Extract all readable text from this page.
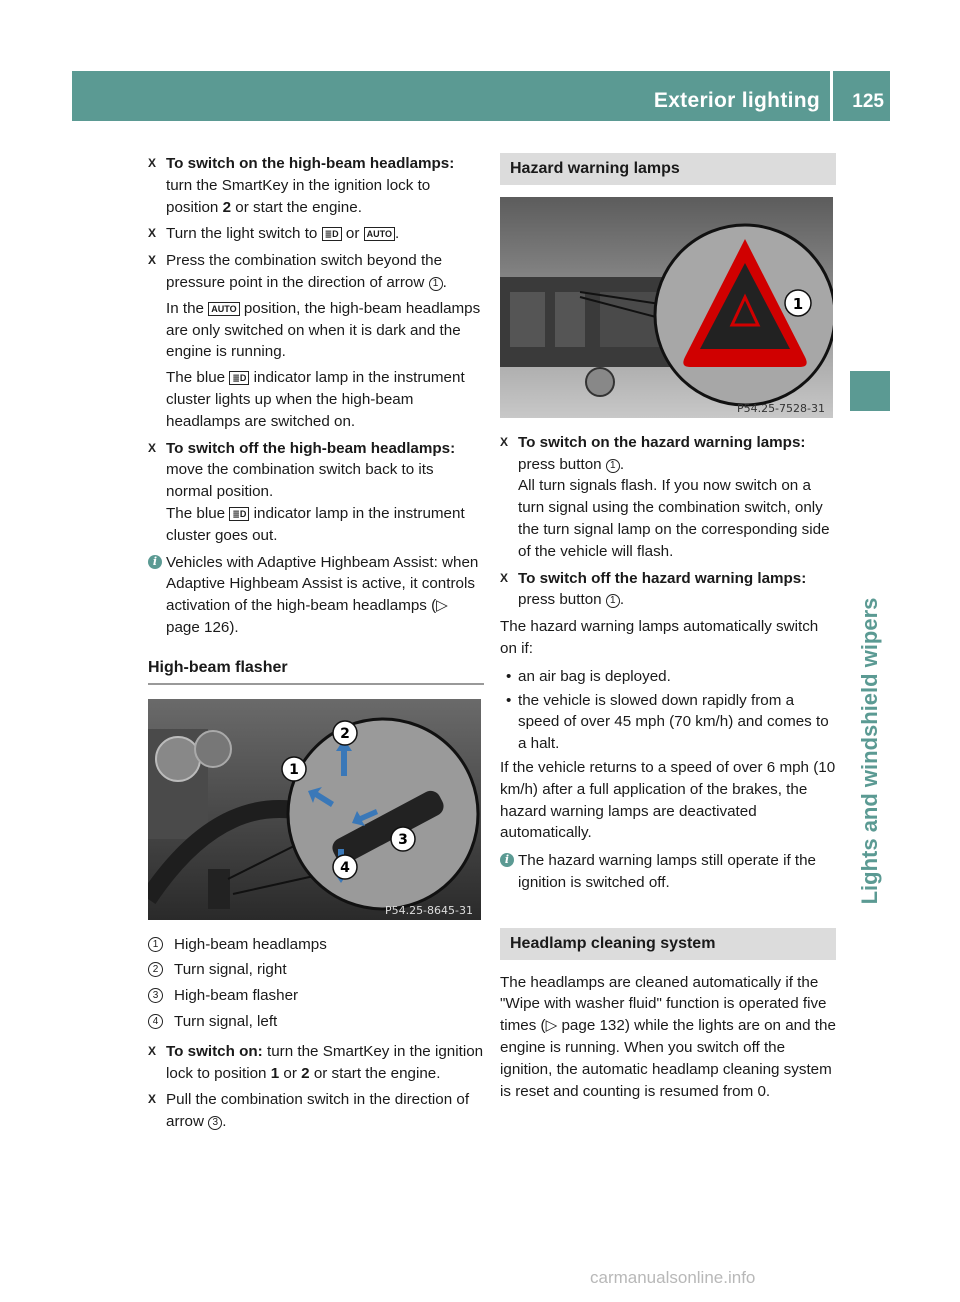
Exterior lighting 125
Lights and windshield wipers
X To switch on the high-beam headlamps: turn the SmartKey in the ignition lock to position 2 or start the engine.

X Turn the light switch to ≣D or AUTO .

X Press the combination switch beyond the pressure point in the direction of arrow 1 .

In the AUTO position, the high-beam headlamps are only switched on when it is dark and the engine is running.

The blue ≣D indicator lamp in the instrument cluster lights up when the high-beam headlamps are switched on.

X To switch off the high-beam headlamps: move the combination switch back to its normal position.
The blue ≣D indicator lamp in the instrument cluster goes out.

i Vehicles with Adaptive Highbeam Assist: when Adaptive Highbeam Assist is active, it controls activation of the high-beam headlamps (▷ page 126).

High-beam flasher
2
1
3
4
P54.25-8645-31
1	High-beam headlamps
2	Turn signal, right
3	High-beam flasher
4	Turn signal, left
X To switch on: turn the SmartKey in the ignition lock to position 1 or 2 or start the engine.

X Pull the combination switch in the direction of arrow 3 .

Hazard warning lamps
1
P54.25-7528-31
X To switch on the hazard warning lamps: press button 1 .
All turn signals flash. If you now switch on a turn signal using the combination switch, only the turn signal lamp on the corresponding side of the vehicle will flash.

X To switch off the hazard warning lamps: press button 1 .

The hazard warning lamps automatically switch on if:

• an air bag is deployed.
• the vehicle is slowed down rapidly from a speed of over 45 mph (70 km/h) and comes to a halt.

If the vehicle returns to a speed of over 6 mph (10 km/h) after a full application of the brakes, the hazard warning lamps are deactivated automatically.

i The hazard warning lamps still operate if the ignition is switched off.

Headlamp cleaning system

The headlamps are cleaned automatically if the "Wipe with washer fluid" function is operated five times (▷ page 132) while the lights are on and the engine is running. When you switch off the ignition, the automatic headlamp cleaning system is reset and counting is resumed from 0.

carmanualsonline.info
